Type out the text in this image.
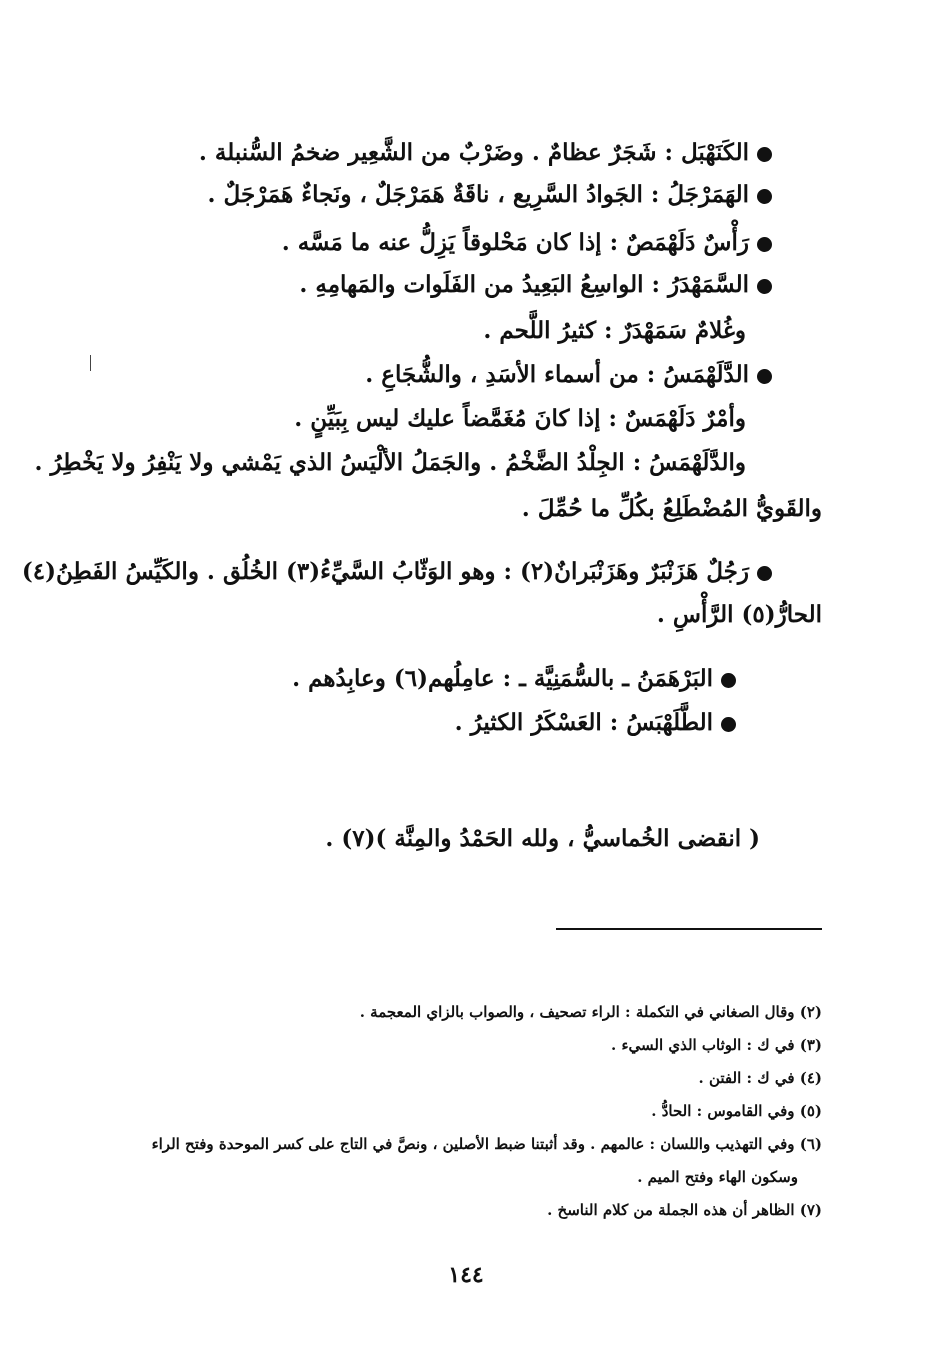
الكَنَهْبَل : شَجَرٌ عظامٌ . وضَرْبٌ من الشَّعِير ضخمُ السُّنبلة .
الهَمَرْجَلُ : الجَوادُ السَّرِيع ، ناقَةٌ هَمَرْجَلٌ ، ونَجاءٌ هَمَرْجَلٌ .
رَأْسٌ دَلَهْمَصٌ : إذا كان مَحْلوقاً يَزِلُّ عنه ما مَسَّه .
السَّمَهْدَرُ : الواسِعُ البَعِيدُ من الفَلَوات والمَهامِهِ .
وغُلامٌ سَمَهْدَرٌ : كثيرُ اللَّحم .
الدَّلَهْمَسُ : من أسماء الأسَدِ ، والشُّجَاعِ .
وأمْرٌ دَلَهْمَسٌ : إذا كانَ مُغَمَّضاً عليك ليس بِبَيِّنٍ .
والدَّلَهْمَسُ : الجِلْدُ الضَّخْمُ . والجَمَلُ الألْيَسُ الذي يَمْشي ولا يَنْفِرُ ولا يَخْطِرُ .
والقَويُّ المُضْطَلِعُ بكُلِّ ما حُمِّلَ .
رَجُلٌ هَزَنْبَرٌ وهَزَنْبَرانٌ(٢) : وهو الوَثّابُ السَّيِّءُ(٣) الخُلُق . والكَيِّسُ الفَطِنُ(٤)
الحارُّ(٥) الرَّأْسِ .
البَرْهَمَنُ ـ بالسُّمَنِيَّة ـ : عامِلُهم(٦) وعابِدُهم .
الطَّلَهْبَسُ : العَسْكَرُ الكثيرُ .
( انقضى الخُماسيُّ ، ولله الحَمْدُ والمِنَّة )(٧) .
(٢) وقال الصغاني في التكملة : الراء تصحيف ، والصواب بالزاي المعجمة .
(٣) في ك : الوثاب الذي السيء .
(٤) في ك : الفتن .
(٥) وفي القاموس : الحادُّ .
(٦) وفي التهذيب واللسان : عالمهم . وقد أثبتنا ضبط الأصلين ، ونصَّ في التاج على كسر الموحدة وفتح الراء
وسكون الهاء وفتح الميم .
(٧) الظاهر أن هذه الجملة من كلام الناسخ .
١٤٤
